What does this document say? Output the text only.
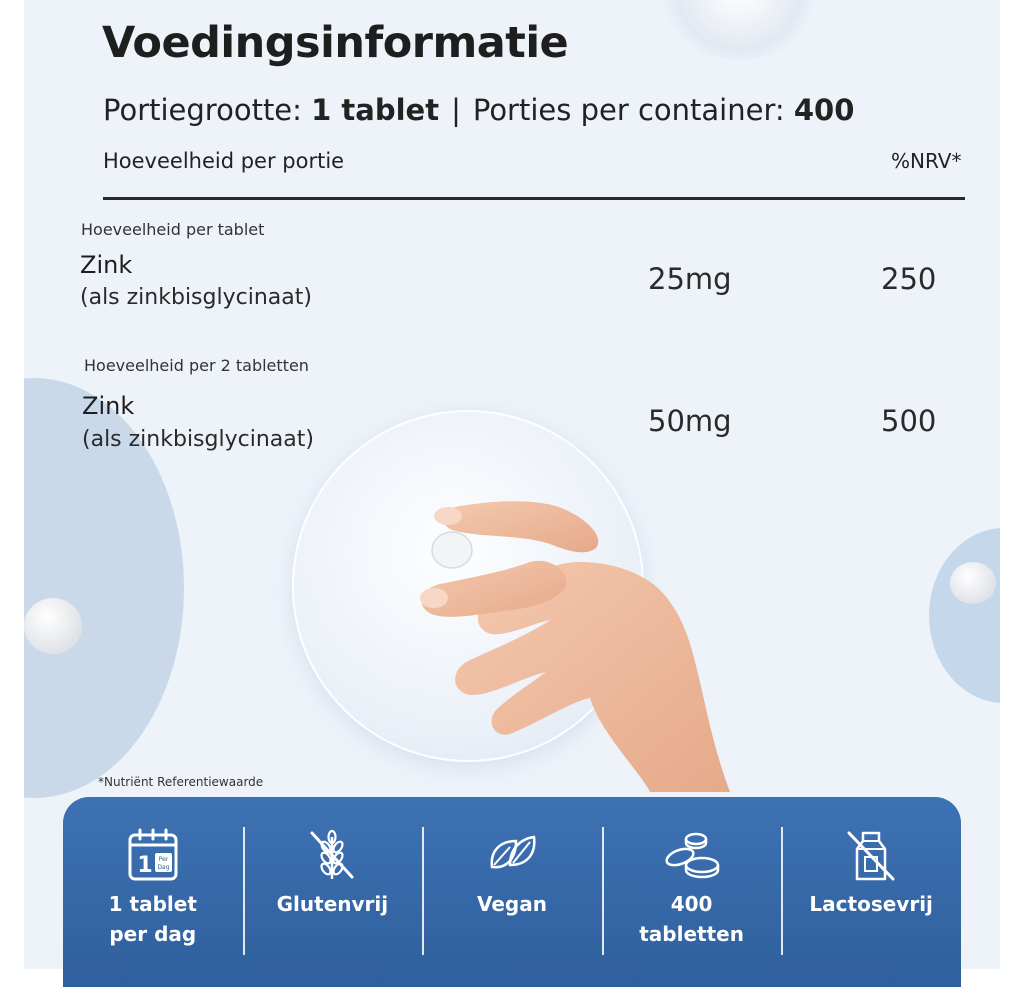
Voedingsinformatie
Portiegrootte: 1 tablet | Porties per container: 400
Hoeveelheid per portie	%NRV*
Hoeveelheid per tablet
Zink
(als zinkbisglycinaat)
25mg	250
Hoeveelheid per 2 tabletten
Zink
(als zinkbisglycinaat)
50mg	500
*Nutriënt Referentiewaarde
1 Per
Dag
1 tablet
per dag
Glutenvrij	Vegan	400
tabletten
Lactosevrij
